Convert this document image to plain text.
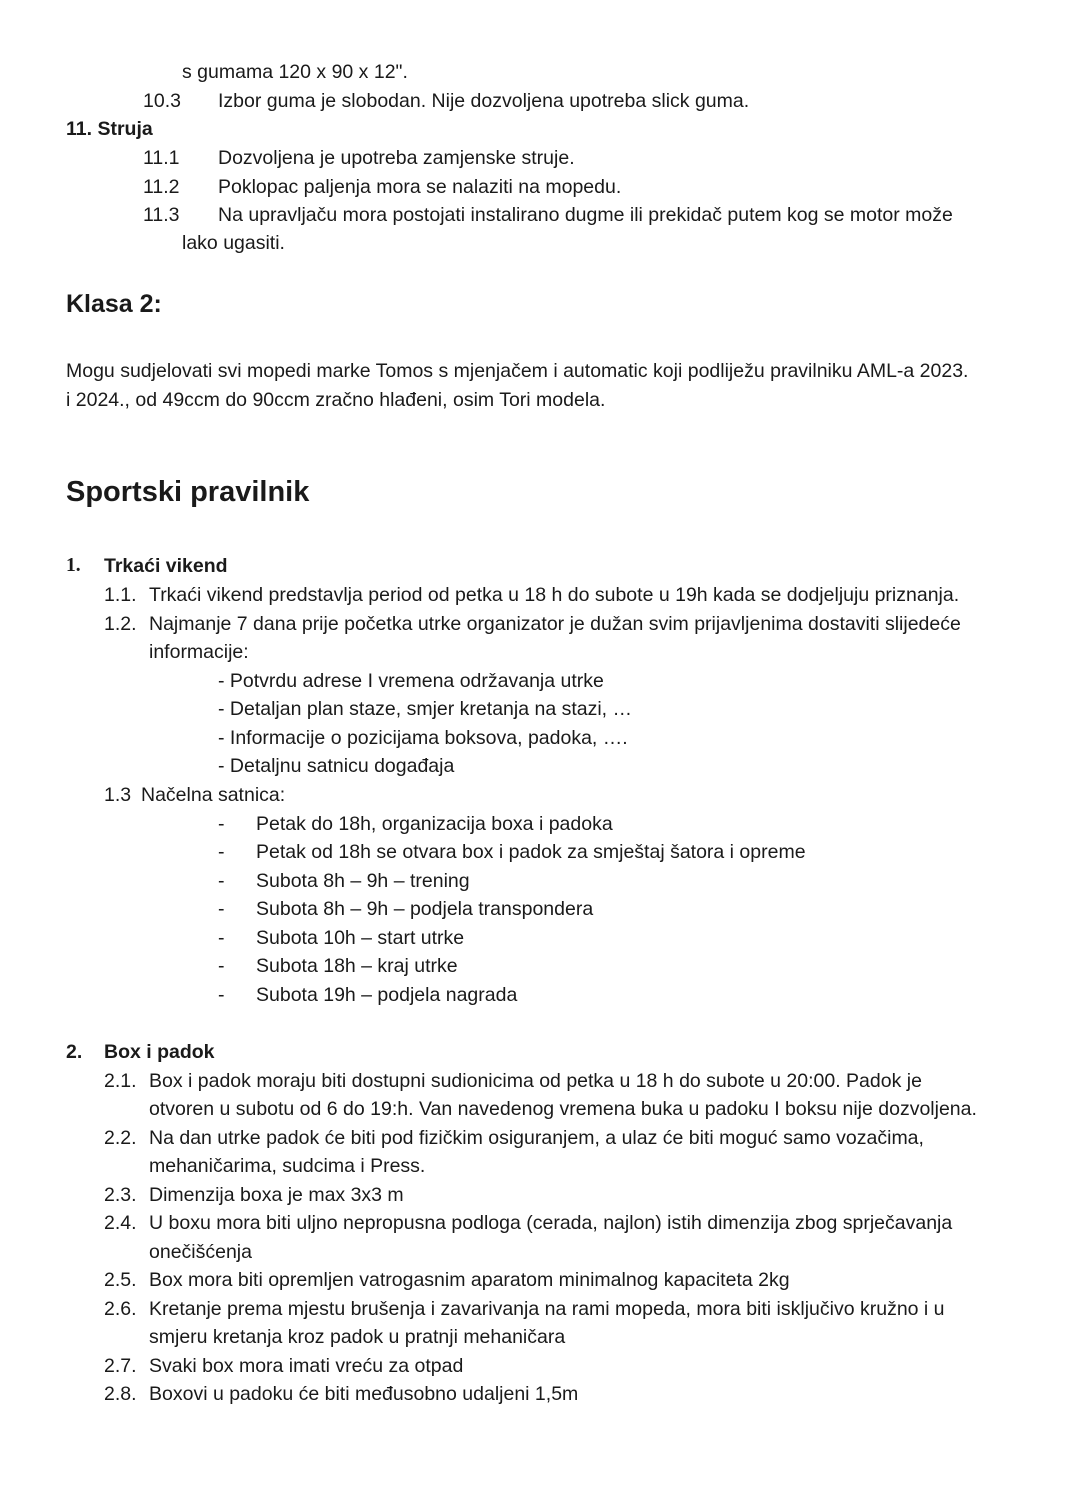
s gumama 120 x 90 x 12".
10.3 Izbor guma je slobodan. Nije dozvoljena upotreba slick guma.
11. Struja
11.1 Dozvoljena je upotreba zamjenske struje.
11.2 Poklopac paljenja mora se nalaziti na mopedu.
11.3 Na upravljaču mora postojati instalirano dugme ili prekidač putem kog se motor može
lako ugasiti.
Klasa 2:
Mogu sudjelovati svi mopedi marke Tomos s mjenjačem i automatic koji podliježu pravilniku AML-a 2023.
i 2024., od 49ccm do 90ccm zračno hlađeni, osim Tori modela.
Sportski pravilnik
1. Trkaći vikend
1.1. Trkaći vikend predstavlja period od petka u 18 h do subote u 19h kada se dodjeljuju priznanja.
1.2. Najmanje 7 dana prije početka utrke organizator je dužan svim prijavljenima dostaviti slijedeće
informacije:
- Potvrdu adrese I vremena održavanja utrke
- Detaljan plan staze, smjer kretanja na stazi, …
- Informacije o pozicijama boksova, padoka, ….
- Detaljnu satnicu događaja
1.3 Načelna satnica:
- Petak do 18h, organizacija boxa i padoka
- Petak od 18h se otvara box i padok za smještaj šatora i opreme
- Subota 8h – 9h – trening
- Subota 8h – 9h – podjela transpondera
- Subota 10h – start utrke
- Subota 18h – kraj utrke
- Subota 19h – podjela nagrada
2. Box i padok
2.1. Box i padok moraju biti dostupni sudionicima od petka u 18 h do subote u 20:00. Padok je
otvoren u subotu od 6 do 19:h. Van navedenog vremena buka u padoku I boksu nije dozvoljena.
2.2. Na dan utrke padok će biti pod fizičkim osiguranjem, a ulaz će biti moguć samo vozačima,
mehaničarima, sudcima i Press.
2.3. Dimenzija boxa je max 3x3 m
2.4. U boxu mora biti uljno nepropusna podloga (cerada, najlon) istih dimenzija zbog sprječavanja
onečišćenja
2.5. Box mora biti opremljen vatrogasnim aparatom minimalnog kapaciteta 2kg
2.6. Kretanje prema mjestu brušenja i zavarivanja na rami mopeda, mora biti isključivo kružno i u
smjeru kretanja kroz padok u pratnji mehaničara
2.7. Svaki box mora imati vreću za otpad
2.8. Boxovi u padoku će biti međusobno udaljeni 1,5m
